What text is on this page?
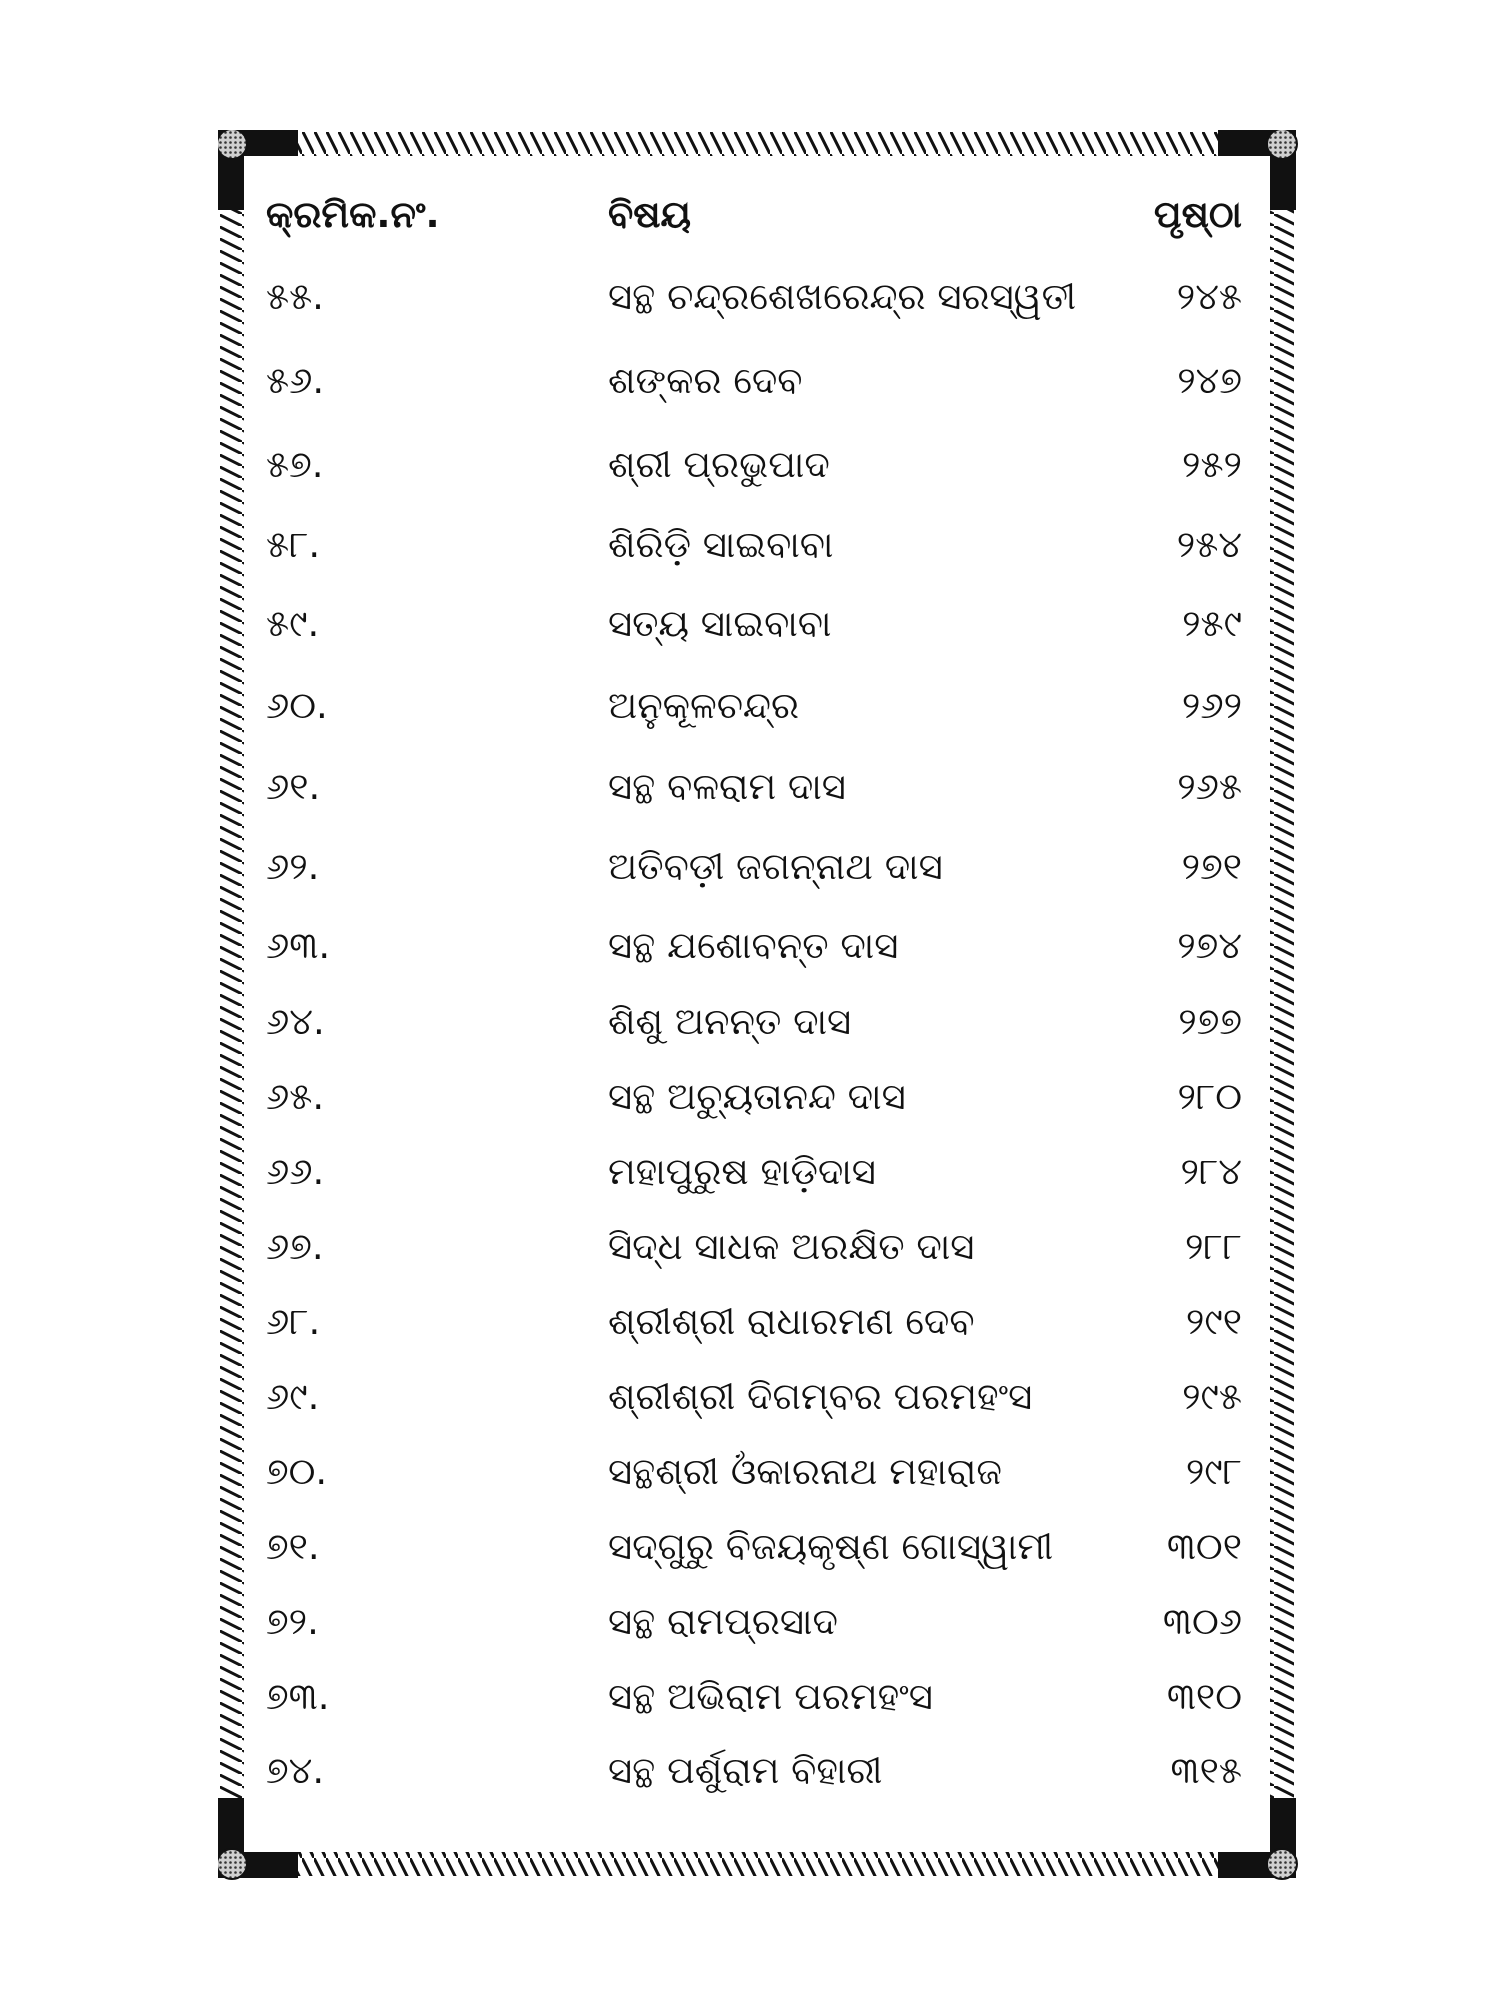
କ୍ରମିକ.ନଂ.	ବିଷୟ	ପୃଷ୍ଠା
୫୫.	ସନ୍ଥ ଚନ୍ଦ୍ରଶେଖରେନ୍ଦ୍ର ସରସ୍ୱତୀ	୨୪୫
୫୬.	ଶଙ୍କର ଦେବ	୨୪୭
୫୭.	ଶ୍ରୀ ପ୍ରଭୁପାଦ	୨୫୨
୫୮.	ଶିରିଡ଼ି ସାଇବାବା	୨୫୪
୫୯.	ସତ୍ୟ ସାଇବାବା	୨୫୯
୬୦.	ଅନୁକୂଳଚନ୍ଦ୍ର	୨୬୨
୬୧.	ସନ୍ଥ ବଳରାମ ଦାସ	୨୬୫
୬୨.	ଅତିବଡ଼ୀ ଜଗନ୍ନାଥ ଦାସ	୨୭୧
୬୩.	ସନ୍ଥ ଯଶୋବନ୍ତ ଦାସ	୨୭୪
୬୪.	ଶିଶୁ ଅନନ୍ତ ଦାସ	୨୭୭
୬୫.	ସନ୍ଥ ଅଚ୍ୟୁତାନନ୍ଦ ଦାସ	୨୮୦
୬୬.	ମହାପୁରୁଷ ହାଡ଼ିଦାସ	୨୮୪
୬୭.	ସିଦ୍ଧ ସାଧକ ଅରକ୍ଷିତ ଦାସ	୨୮୮
୬୮.	ଶ୍ରୀଶ୍ରୀ ରାଧାରମଣ ଦେବ	୨୯୧
୬୯.	ଶ୍ରୀଶ୍ରୀ ଦିଗମ୍ବର ପରମହଂସ	୨୯୫
୭୦.	ସନ୍ଥଶ୍ରୀ ଓଁକାରନାଥ ମହାରାଜ	୨୯୮
୭୧.	ସଦ୍‌ଗୁରୁ ବିଜୟକୃଷ୍ଣ ଗୋସ୍ୱାମୀ	୩୦୧
୭୨.	ସନ୍ଥ ରାମପ୍ରସାଦ	୩୦୬
୭୩.	ସନ୍ଥ ଅଭିରାମ ପରମହଂସ	୩୧୦
୭୪.	ସନ୍ଥ ପର୍ଶୁରାମ ବିହାରୀ	୩୧୫
